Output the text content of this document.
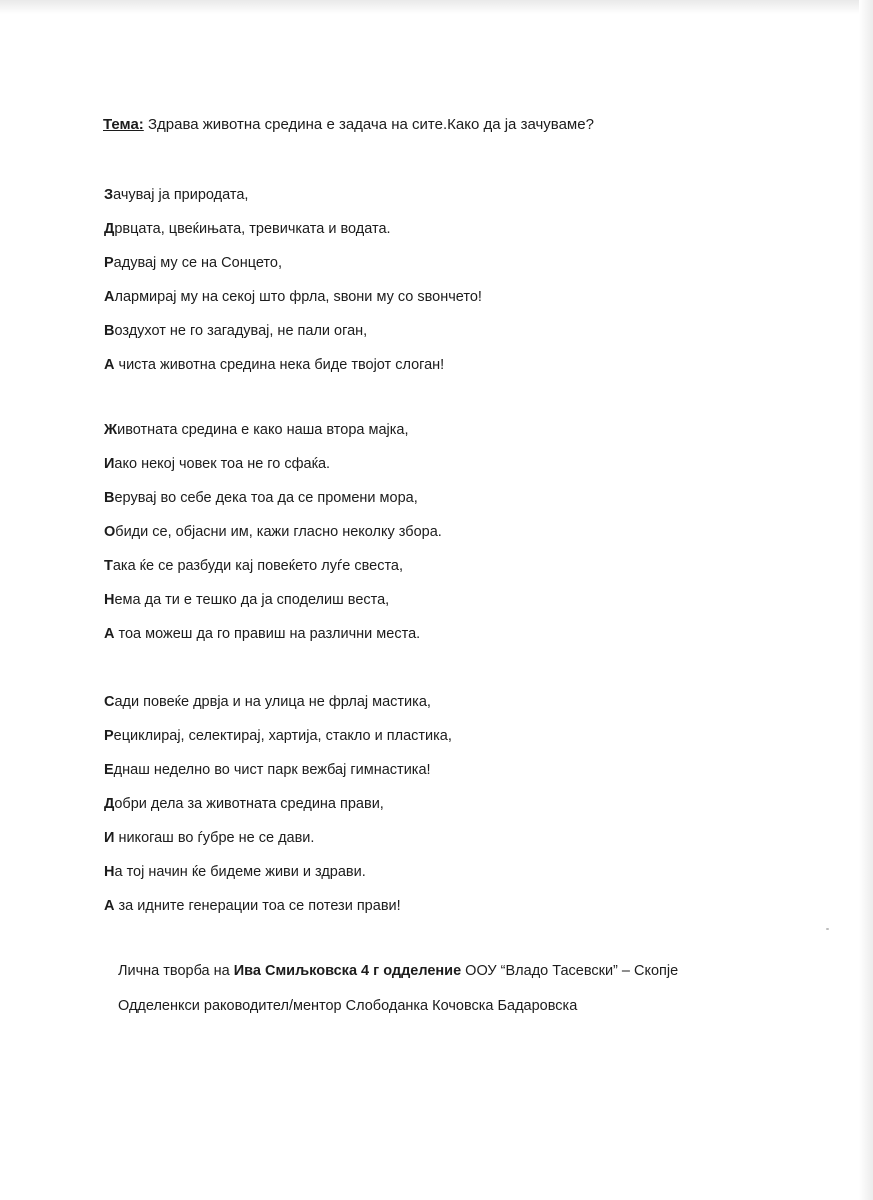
Тема: Здрава животна средина е задача на сите.Како да ја зачуваме?
Зачувај ја природата,
Дрвцата, цвеќињата, тревичката и водата.
Радувај му се на Сонцето,
Алармирај му на секој што фрла, ѕвони му со ѕвончето!
Воздухот не го загадувај, не пали оган,
А чиста животна средина нека биде твојот слоган!
Животната средина е како наша втора мајка,
Иако некој човек тоа не го сфаќа.
Верувај во себе дека тоа да се промени мора,
Обиди се, објасни им, кажи гласно неколку збора.
Така ќе се разбуди кај повеќето луѓе свеста,
Нема да ти е тешко да ја споделиш веста,
А тоа можеш да го правиш на различни места.
Сади повеќе дрвја и на улица не фрлај мастика,
Рециклирај, селектирај, хартија, стакло и пластика,
Еднаш неделно во чист парк вежбај гимнастика!
Добри дела за животната средина прави,
И никогаш во ѓубре не се дави.
На тој начин ќе бидеме живи и здрави.
А за идните генерации тоа се потези прави!
Лична творба на Ива Смиљковска 4 г одделение ООУ “Владо Тасевски” – Скопје
Одделенкси раководител/ментор Слободанка Кочовска Бадаровска
